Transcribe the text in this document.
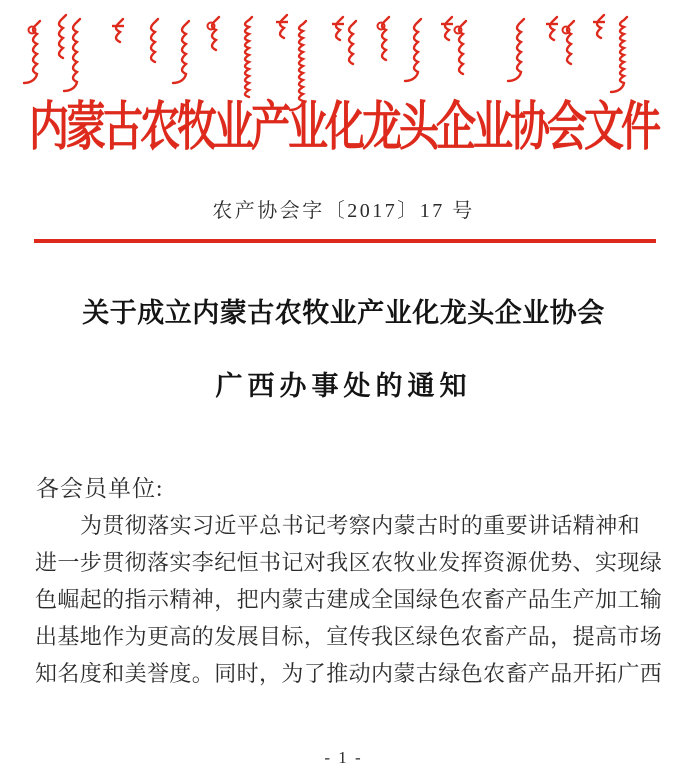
内蒙古农牧业产业化龙头企业协会文件
农产协会字〔2017〕17 号
关于成立内蒙古农牧业产业化龙头企业协会
广西办事处的通知
各会员单位:
为贯彻落实习近平总书记考察内蒙古时的重要讲话精神和
进一步贯彻落实李纪恒书记对我区农牧业发挥资源优势、实现绿
色崛起的指示精神，把内蒙古建成全国绿色农畜产品生产加工输
出基地作为更高的发展目标，宣传我区绿色农畜产品，提高市场
知名度和美誉度。同时，为了推动内蒙古绿色农畜产品开拓广西
- 1 -
